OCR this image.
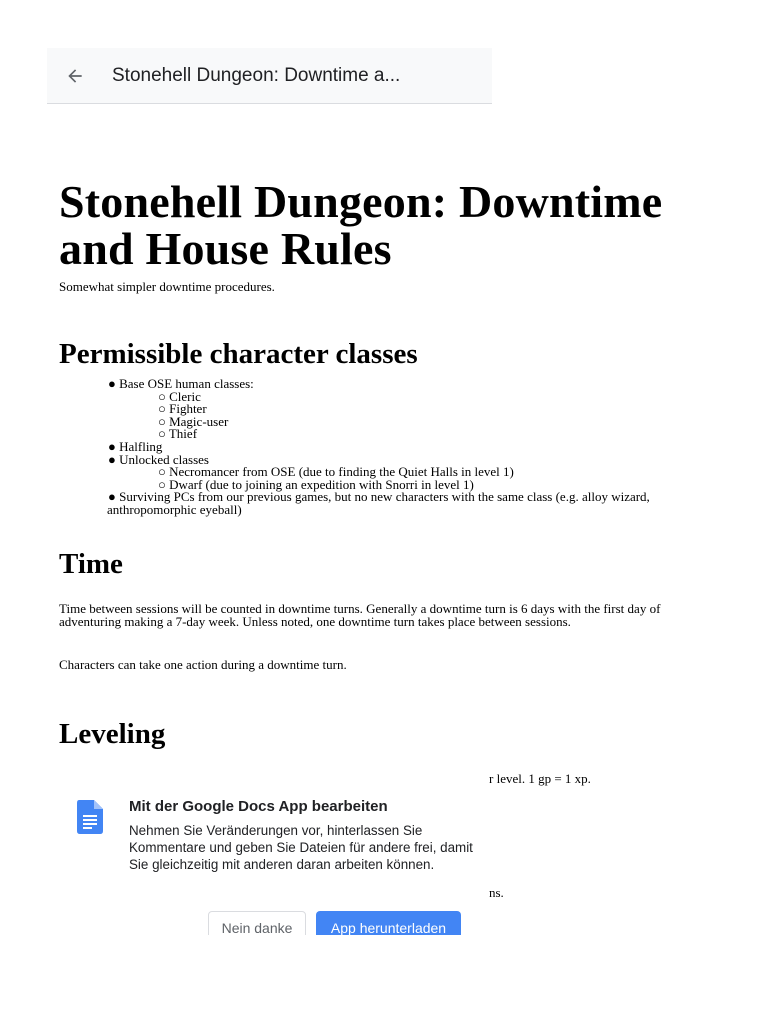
Stonehell Dungeon: Downtime a...
Stonehell Dungeon: Downtime and House Rules
Somewhat simpler downtime procedures.
Permissible character classes
● Base OSE human classes:
○ Cleric
○ Fighter
○ Magic-user
○ Thief
● Halfling
● Unlocked classes
○ Necromancer from OSE (due to finding the Quiet Halls in level 1)
○ Dwarf (due to joining an expedition with Snorri in level 1)
● Surviving PCs from our previous games, but no new characters with the same class (e.g. alloy wizard,
anthropomorphic eyeball)
Time
Time between sessions will be counted in downtime turns. Generally a downtime turn is 6 days with the first day of adventuring making a 7-day week. Unless noted, one downtime turn takes place between sessions.
Characters can take one action during a downtime turn.
Leveling
r level. 1 gp = 1 xp.
ns.
Mit der Google Docs App bearbeiten
Nehmen Sie Veränderungen vor, hinterlassen Sie Kommentare und geben Sie Dateien für andere frei, damit Sie gleichzeitig mit anderen daran arbeiten können.
Nein danke	App herunterladen
